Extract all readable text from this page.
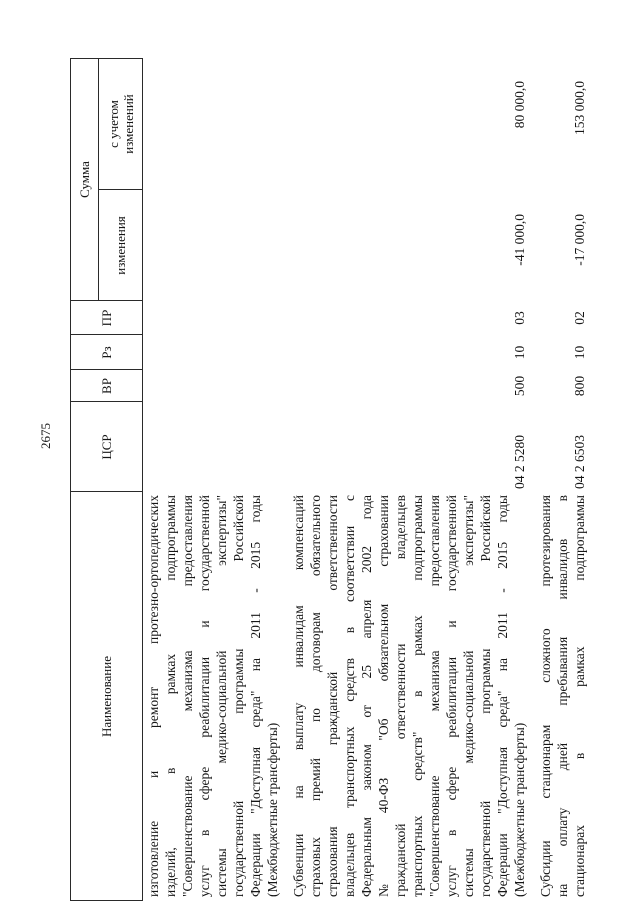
2675
Наименование
ЦСР
ВР
Рз
ПР
Сумма
изменения
с учетом изменений
изготовление и ремонт протезно-ортопедических изделий, в рамках подпрограммы "Совершенствование механизма предоставления услуг в сфере реабилитации и государственной системы медико-социальной экспертизы" государственной программы Российской Федерации "Доступная среда" на 2011 - 2015 годы (Межбюджетные трансферты) Субвенции на выплату инвалидам компенсаций страховых премий по договорам обязательного страхования гражданской ответственности владельцев транспортных средств в соответствии с Федеральным законом от 25 апреля 2002 года № 40-ФЗ "Об обязательном страховании гражданской ответственности владельцев транспортных средств" в рамках подпрограммы "Совершенствование механизма предоставления услуг в сфере реабилитации и государственной системы медико-социальной экспертизы" государственной программы Российской Федерации "Доступная среда" на 2011 - 2015 годы (Межбюджетные трансферты)
04 2 5280
500
10
03
-41 000,0
80 000,0
Субсидии стационарам сложного протезирования на оплату дней пребывания инвалидов в стационарах в рамках подпрограммы
04 2 6503
800
10
02
-17 000,0
153 000,0
